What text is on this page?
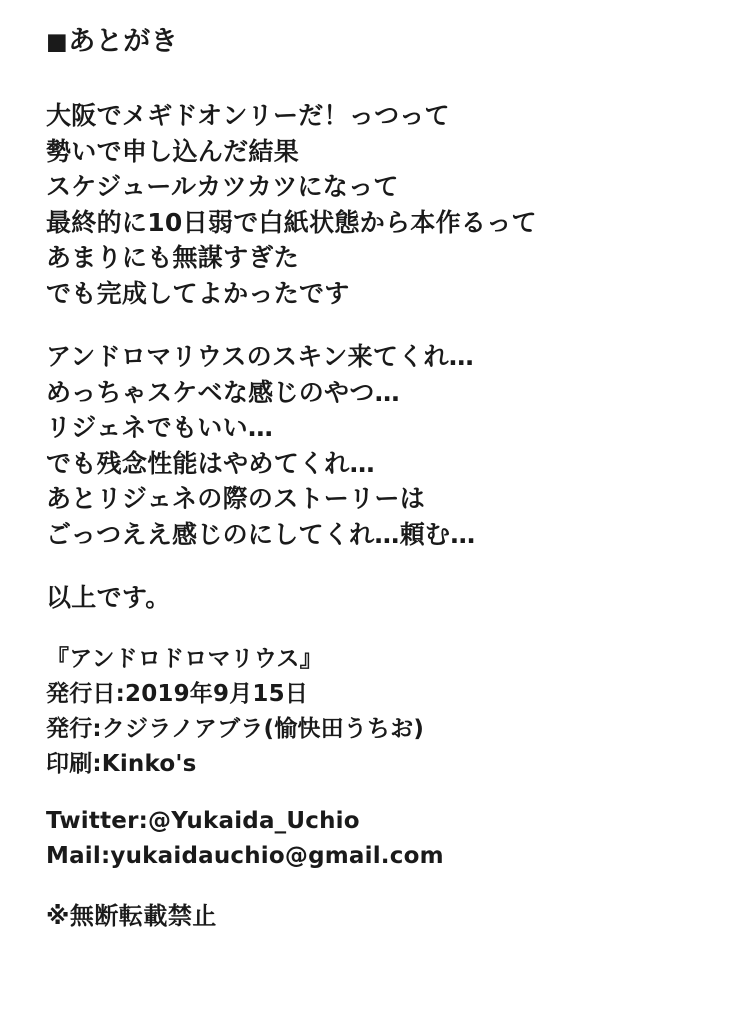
■あとがき
大阪でメギドオンリーだ！っつって
勢いで申し込んだ結果
スケジュールカツカツになって
最終的に10日弱で白紙状態から本作るって
あまりにも無謀すぎた
でも完成してよかったです
アンドロマリウスのスキン来てくれ…
めっちゃスケベな感じのやつ…
リジェネでもいい…
でも残念性能はやめてくれ…
あとリジェネの際のストーリーは
ごっつええ感じのにしてくれ…頼む…
以上です。
『アンドロドロマリウス』
発行日:2019年9月15日
発行:クジラノアブラ(愉快田うちお)
印刷:Kinko's
Twitter:@Yukaida_Uchio
Mail:yukaidauchio@gmail.com
※無断転載禁止
